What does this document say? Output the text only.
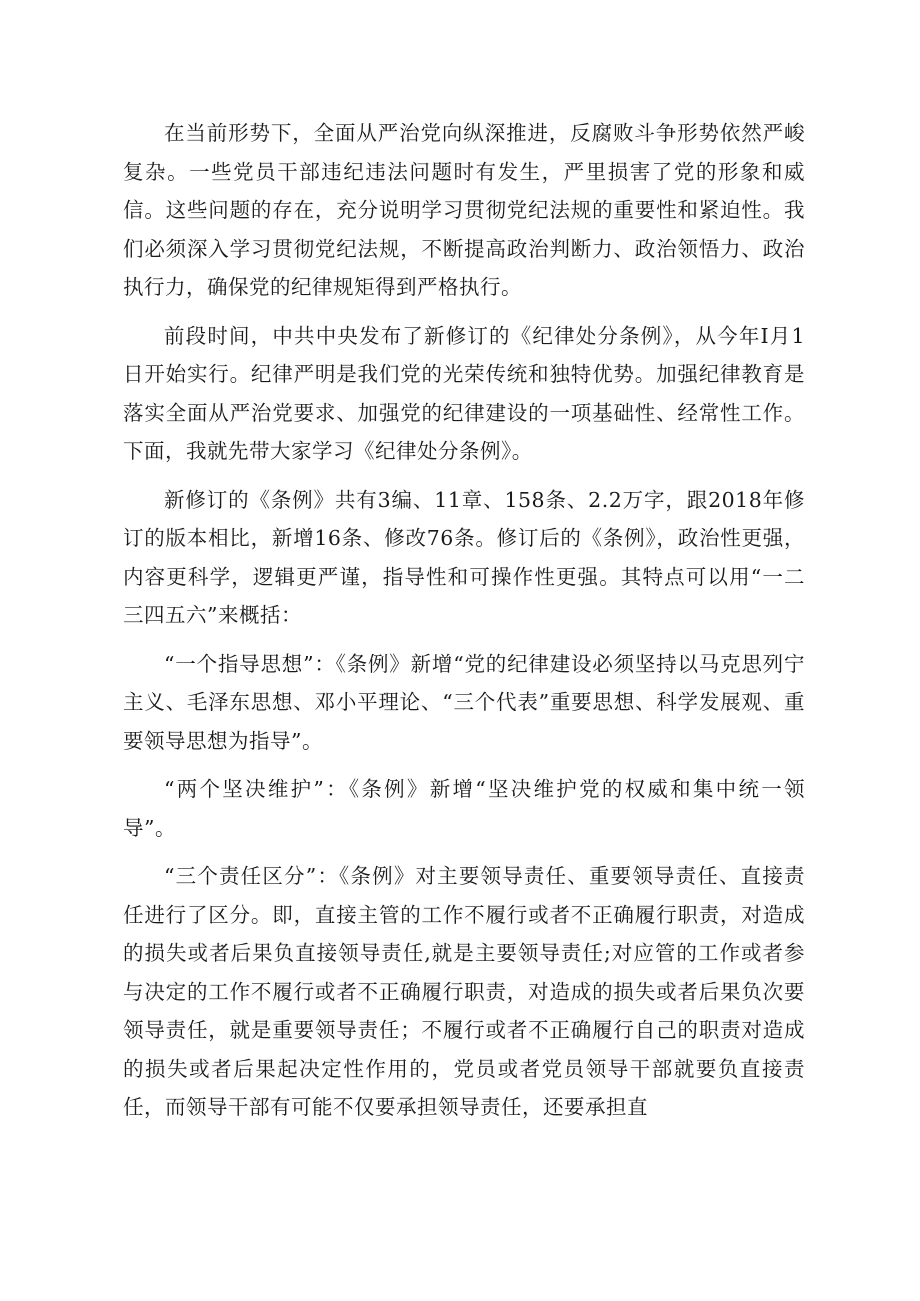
在当前形势下，全面从严治党向纵深推进，反腐败斗争形势依然严峻复杂。一些党员干部违纪违法问题时有发生，严里损害了党的形象和威信。这些问题的存在，充分说明学习贯彻党纪法规的重要性和紧迫性。我们必须深入学习贯彻党纪法规，不断提高政治判断力、政治领悟力、政治执行力，确保党的纪律规矩得到严格执行。

前段时间，中共中央发布了新修订的《纪律处分条例》，从今年I月1日开始实行。纪律严明是我们党的光荣传统和独特优势。加强纪律教育是落实全面从严治党要求、加强党的纪律建设的一项基础性、经常性工作。下面，我就先带大家学习《纪律处分条例》。

新修订的《条例》共有3编、11章、158条、2.2万字，跟2018年修订的版本相比，新增16条、修改76条。修订后的《条例》，政治性更强，内容更科学，逻辑更严谨，指导性和可操作性更强。其特点可以用“一二三四五六”来概括：

“一个指导思想”：《条例》新增“党的纪律建设必须坚持以马克思列宁主义、毛泽东思想、邓小平理论、“三个代表”重要思想、科学发展观、重要领导思想为指导”。

“两个坚决维护”：《条例》新增“坚决维护党的权威和集中统一领导”。

“三个责任区分”：《条例》对主要领导责任、重要领导责任、直接责任进行了区分。即，直接主管的工作不履行或者不正确履行职责，对造成的损失或者后果负直接领导责任,就是主要领导责任;对应管的工作或者参与决定的工作不履行或者不正确履行职责，对造成的损失或者后果负次要领导责任，就是重要领导责任；不履行或者不正确履行自己的职责对造成的损失或者后果起决定性作用的，党员或者党员领导干部就要负直接责任，而领导干部有可能不仅要承担领导责任，还要承担直
